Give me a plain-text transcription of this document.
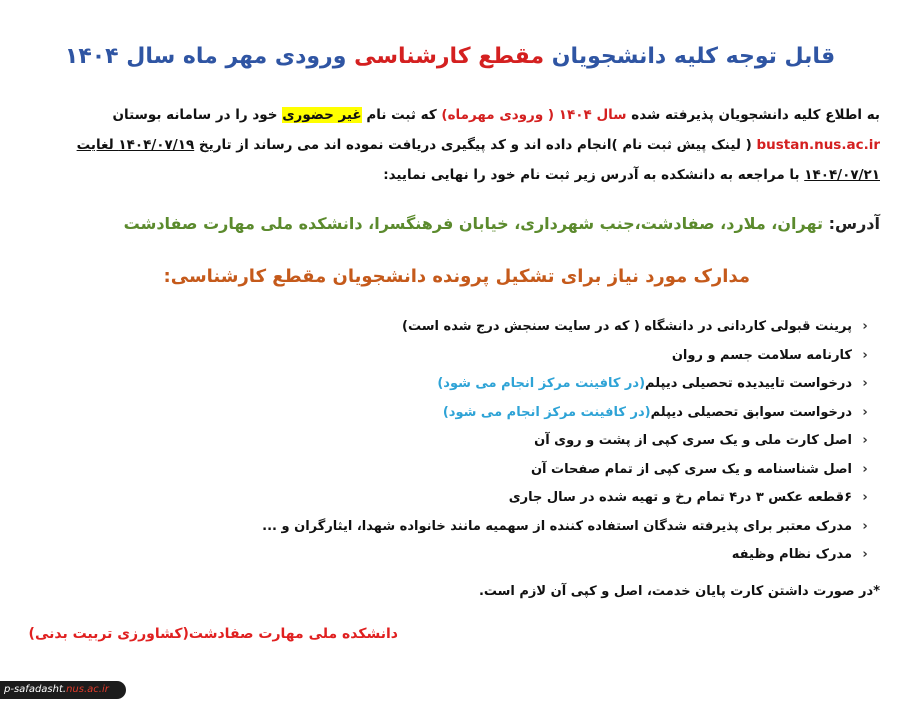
قابل توجه کلیه دانشجویان مقطع کارشناسی ورودی مهر ماه سال ۱۴۰۴
به اطلاع کلیه دانشجویان پذیرفته شده سال ۱۴۰۴ ( ورودی مهرماه) که ثبت نام غیر حضوری خود را در سامانه بوستان bustan.nus.ac.ir ( لینک پیش ثبت نام )انجام داده اند و کد پیگیری دریافت نموده اند می رساند از تاریخ ۱۴۰۴/۰۷/۱۹ لغایت ۱۴۰۴/۰۷/۲۱ با مراجعه به دانشکده به آدرس زیر ثبت نام خود را نهایی نمایید:
آدرس: تهران، ملارد، صفادشت،جنب شهرداری، خیابان فرهنگسرا، دانشکده ملی مهارت صفادشت
مدارک مورد نیاز برای تشکیل پرونده دانشجویان مقطع کارشناسی:
‹
پرینت قبولی کاردانی در دانشگاه ( که در سایت سنجش درج شده است)
‹
کارنامه سلامت جسم و روان
‹
درخواست تاییدیده تحصیلی دیپلم
(در کافینت مرکز انجام می شود)
‹
درخواست سوابق تحصیلی دیپلم
(در کافینت مرکز انجام می شود)
‹
اصل کارت ملی و یک سری کپی از پشت و روی آن
‹
اصل شناسنامه و یک سری کپی از تمام صفحات آن
‹
۶قطعه عکس ۳ در۴ تمام رخ و تهیه شده در سال جاری
‹
مدرک معتبر برای پذیرفته شدگان استفاده کننده از سهمیه مانند خانواده شهدا، ایثارگران و ...
‹
مدرک نظام وظیفه
*در صورت داشتن کارت پایان خدمت، اصل و کپی آن لازم است.
دانشکده ملی مهارت صفادشت(کشاورزی تربیت بدنی)
p-safadasht.nus.ac.ir
